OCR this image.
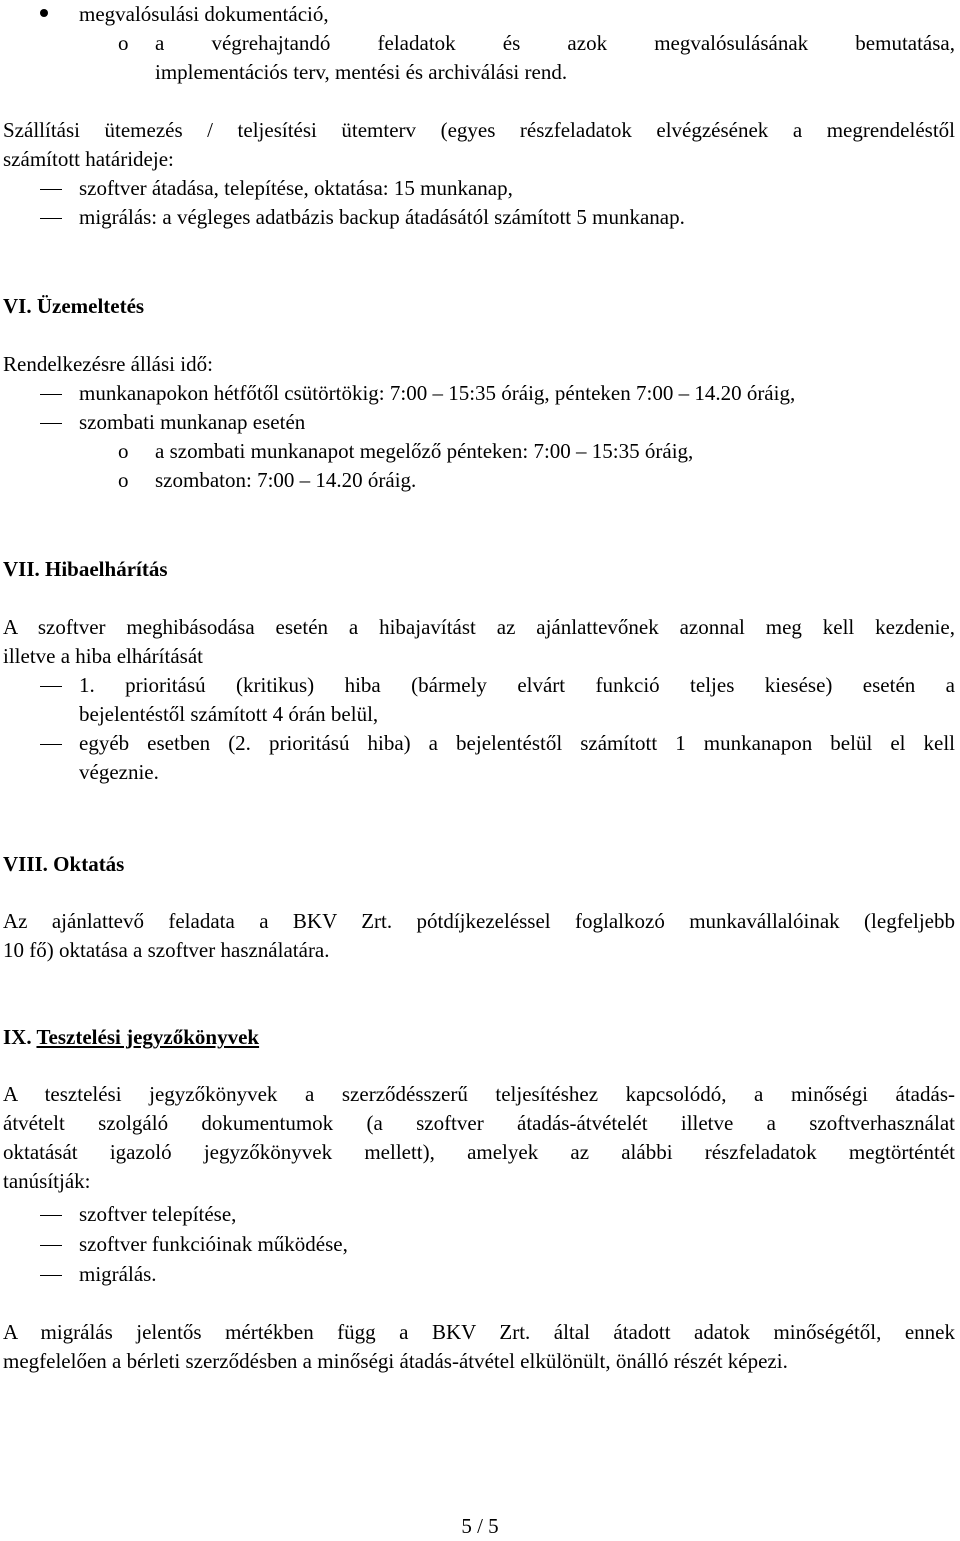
megvalósulási dokumentáció,
o a végrehajtandó feladatok és azok megvalósulásának bemutatása,
implementációs terv, mentési és archiválási rend.
Szállítási ütemezés / teljesítési ütemterv (egyes részfeladatok elvégzésének a megrendeléstől
számított határideje:
szoftver átadása, telepítése, oktatása: 15 munkanap,
migrálás: a végleges adatbázis backup átadásától számított 5 munkanap.
VI. Üzemeltetés
Rendelkezésre állási idő:
munkanapokon hétfőtől csütörtökig: 7:00 – 15:35 óráig, pénteken 7:00 – 14.20 óráig,
szombati munkanap esetén
o a szombati munkanapot megelőző pénteken: 7:00 – 15:35 óráig,
o szombaton: 7:00 – 14.20 óráig.
VII. Hibaelhárítás
A szoftver meghibásodása esetén a hibajavítást az ajánlattevőnek azonnal meg kell kezdenie,
illetve a hiba elhárítását
1. prioritású (kritikus) hiba (bármely elvárt funkció teljes kiesése) esetén a
bejelentéstől számított 4 órán belül,
egyéb esetben (2. prioritású hiba) a bejelentéstől számított 1 munkanapon belül el kell
végeznie.
VIII. Oktatás
Az ajánlattevő feladata a BKV Zrt. pótdíjkezeléssel foglalkozó munkavállalóinak (legfeljebb
10 fő) oktatása a szoftver használatára.
IX. Tesztelési jegyzőkönyvek
A tesztelési jegyzőkönyvek a szerződésszerű teljesítéshez kapcsolódó, a minőségi átadás-
átvételt szolgáló dokumentumok (a szoftver átadás-átvételét illetve a szoftverhasználat
oktatását igazoló jegyzőkönyvek mellett), amelyek az alábbi részfeladatok megtörténtét
tanúsítják:
szoftver telepítése,
szoftver funkcióinak működése,
migrálás.
A migrálás jelentős mértékben függ a BKV Zrt. által átadott adatok minőségétől, ennek
megfelelően a bérleti szerződésben a minőségi átadás-átvétel elkülönült, önálló részét képezi.
5 / 5
